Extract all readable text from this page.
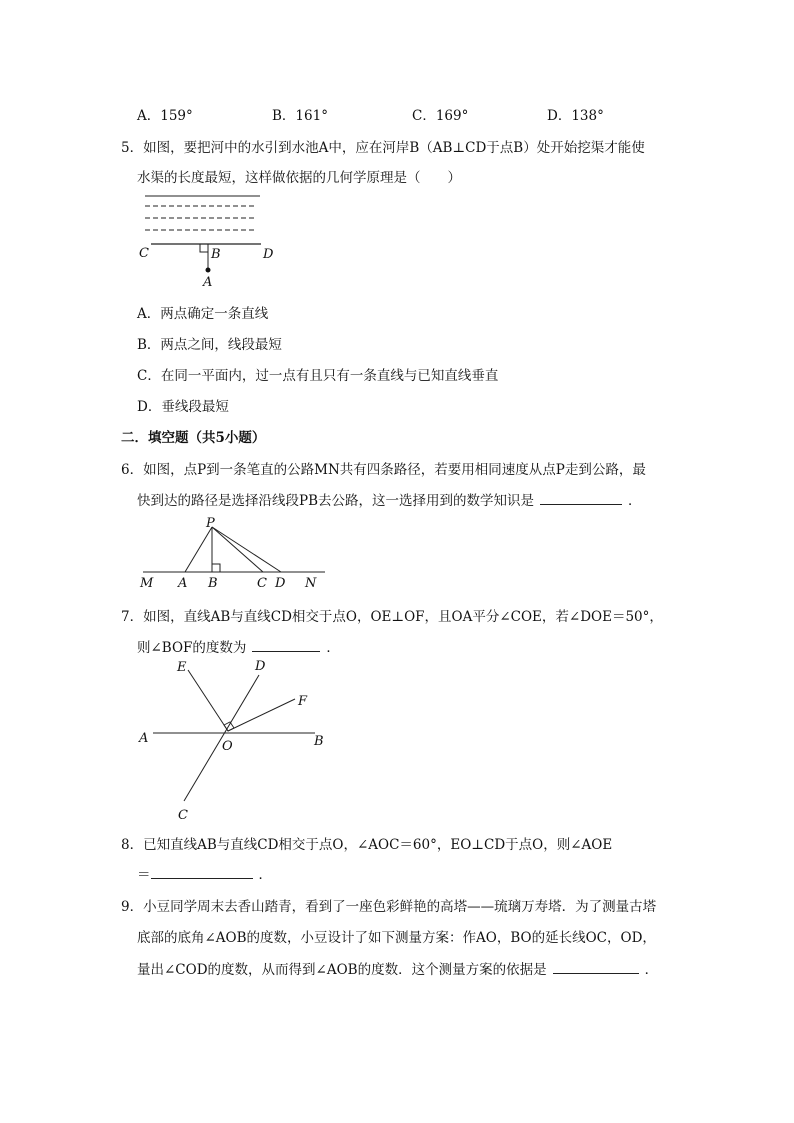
A．159°	B．161°	C．169°	D．138°
5．如图，要把河中的水引到水池A中，应在河岸B（AB⊥CD于点B）处开始挖渠才能使
水渠的长度最短，这样做依据的几何学原理是（　　）
C	B	D
A
A．两点确定一条直线
B．两点之间，线段最短
C．在同一平面内，过一点有且只有一条直线与已知直线垂直
D．垂线段最短
二．填空题（共5小题）
6．如图，点P到一条笔直的公路MN共有四条路径，若要用相同速度从点P走到公路，最
快到达的路径是选择沿线段PB去公路，这一选择用到的数学知识是	．
P
M A B	C D N
7．如图，直线AB与直线CD相交于点O，OE⊥OF，且OA平分∠COE，若∠DOE＝50°，
则∠BOF的度数为	．
E	D
F
A
O	B
C
8．已知直线AB与直线CD相交于点O，∠AOC＝60°，EO⊥CD于点O，则∠AOE
＝	．
9．小豆同学周末去香山踏青，看到了一座色彩鲜艳的高塔——琉璃万寿塔．为了测量古塔
底部的底角∠AOB的度数，小豆设计了如下测量方案：作AO，BO的延长线OC，OD，
量出∠COD的度数，从而得到∠AOB的度数．这个测量方案的依据是	．
